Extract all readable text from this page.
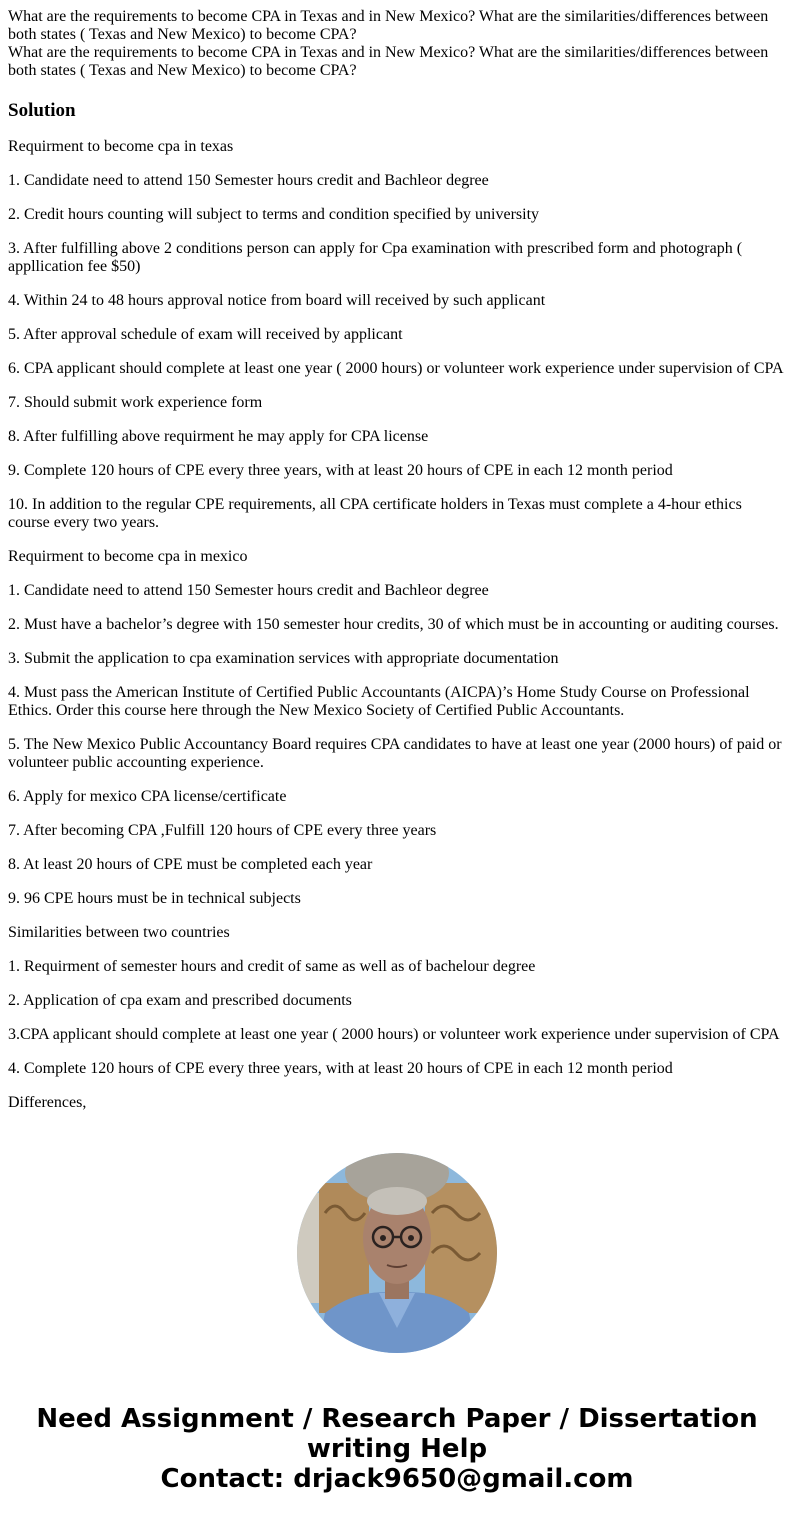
What are the requirements to become CPA in Texas and in New Mexico? What are the similarities/differences between both states ( Texas and New Mexico) to become CPA?
What are the requirements to become CPA in Texas and in New Mexico? What are the similarities/differences between both states ( Texas and New Mexico) to become CPA?
Solution

Requirment to become cpa in texas

1. Candidate need to attend 150 Semester hours credit and Bachleor degree

2. Credit hours counting will subject to terms and condition specified by university

3. After fulfilling above 2 conditions person can apply for Cpa examination with prescribed form and photograph ( appllication fee $50)

4. Within 24 to 48 hours approval notice from board will received by such applicant

5. After approval schedule of exam will received by applicant

6. CPA applicant should complete at least one year ( 2000 hours) or volunteer work experience under supervision of CPA

7. Should submit work experience form

8. After fulfilling above requirment he may apply for CPA license

9. Complete 120 hours of CPE every three years, with at least 20 hours of CPE in each 12 month period

10. In addition to the regular CPE requirements, all CPA certificate holders in Texas must complete a 4-hour ethics course every two years.

Requirment to become cpa in mexico

1. Candidate need to attend 150 Semester hours credit and Bachleor degree

2. Must have a bachelor’s degree with 150 semester hour credits, 30 of which must be in accounting or auditing courses.

3. Submit the application to cpa examination services with appropriate documentation

4. Must pass the American Institute of Certified Public Accountants (AICPA)’s Home Study Course on Professional Ethics. Order this course here through the New Mexico Society of Certified Public Accountants.

5. The New Mexico Public Accountancy Board requires CPA candidates to have at least one year (2000 hours) of paid or volunteer public accounting experience.

6. Apply for mexico CPA license/certificate

7. After becoming CPA ,Fulfill 120 hours of CPE every three years

8. At least 20 hours of CPE must be completed each year

9. 96 CPE hours must be in technical subjects

Similarities between two countries

1. Requirment of semester hours and credit of same as well as of bachelour degree

2. Application of cpa exam and prescribed documents

3.CPA applicant should complete at least one year ( 2000 hours) or volunteer work experience under supervision of CPA

4. Complete 120 hours of CPE every three years, with at least 20 hours of CPE in each 12 month period

Differences,

Need Assignment / Research Paper / Dissertation
writing Help
Contact: drjack9650@gmail.com
